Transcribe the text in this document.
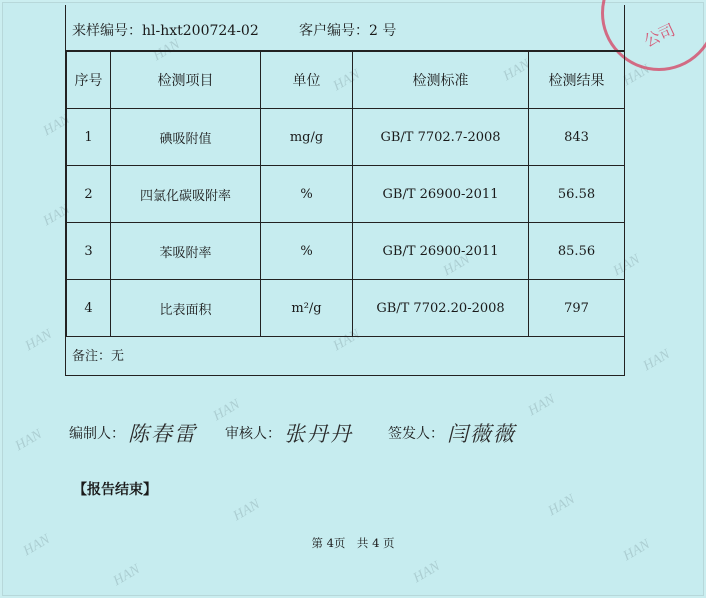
HAN
HAN	HAN
HAN
HAN
HAN
HAN	HAN
HAN	HAN
HAN
HAN	HAN
HAN
HAN	HAN
HAN
HAN
HAN
HAN
公司
来样编号：hl-hxt200724-02	客户编号：2 号
序号	检测项目	单位	检测标准	检测结果
1	碘吸附值	mg/g	GB/T 7702.7-2008	843
2	四氯化碳吸附率	%	GB/T 26900-2011	56.58
3	苯吸附率	%	GB/T 26900-2011	85.56
4	比表面积	m²/g	GB/T 7702.20-2008	797
备注：无
编制人： 陈春雷 审核人： 张丹丹	签发人： 闫薇薇
【报告结束】
第 4页　共 4 页
